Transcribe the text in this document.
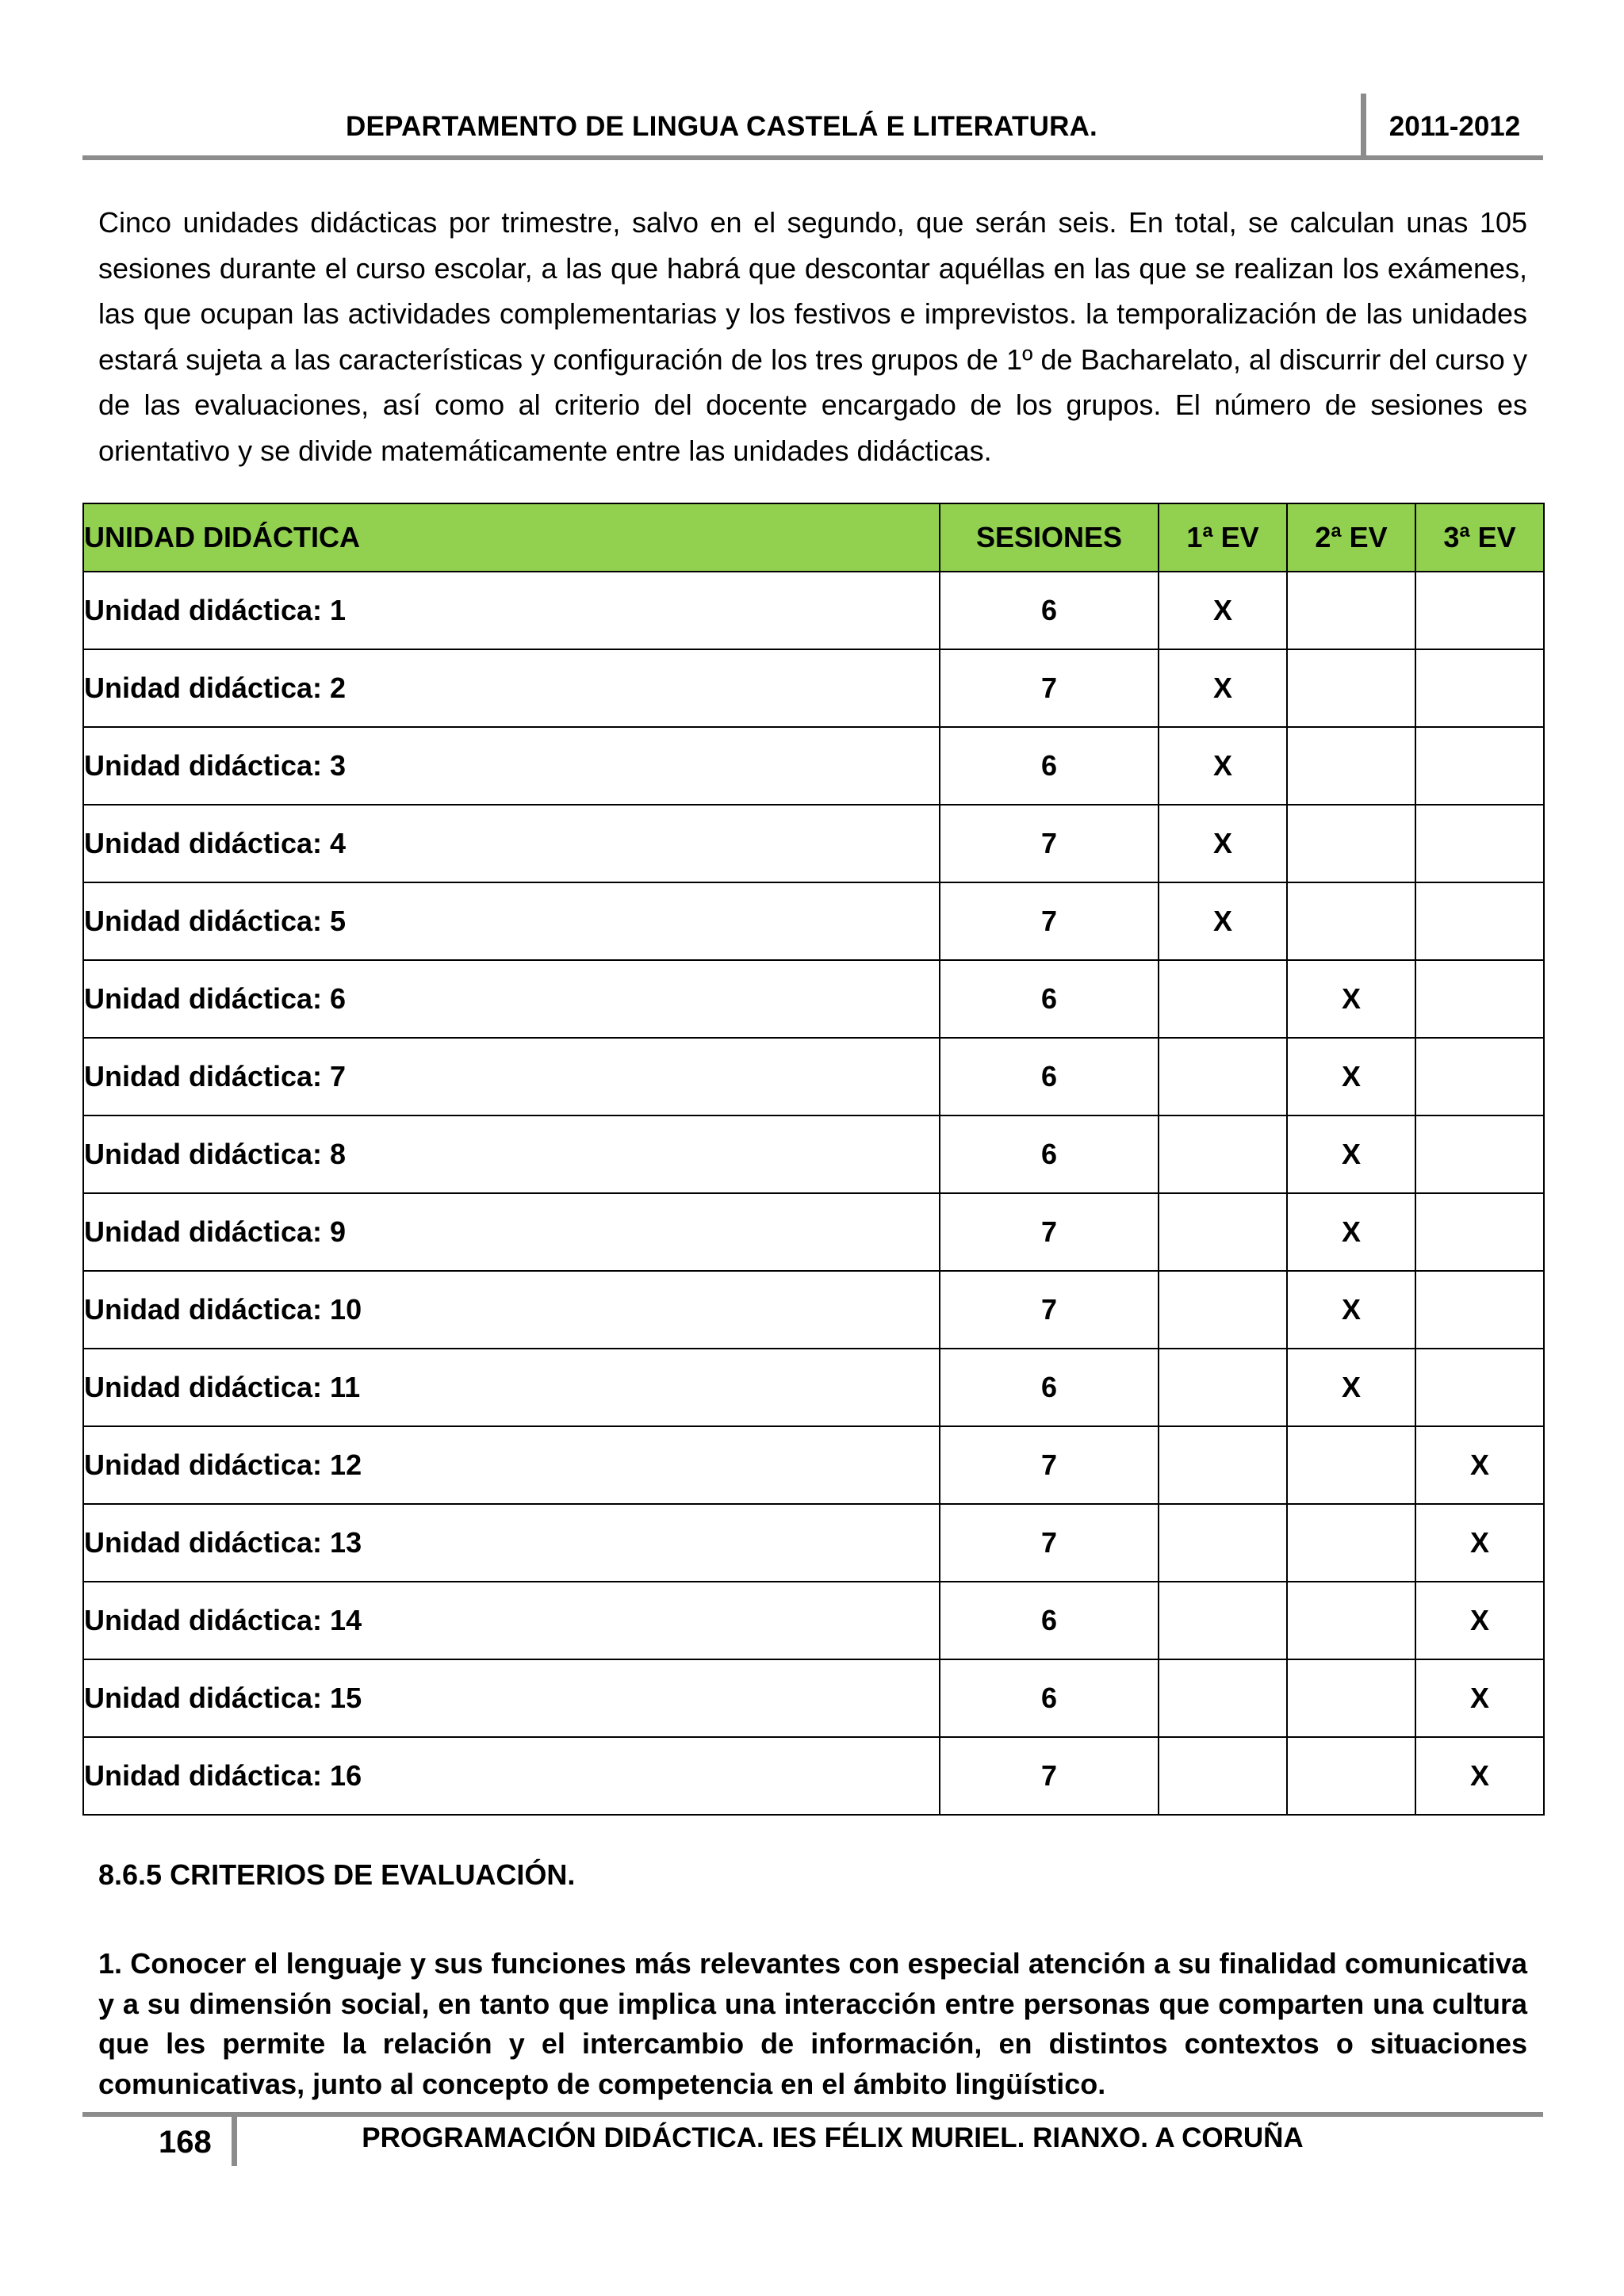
DEPARTAMENTO DE LINGUA CASTELÁ E LITERATURA.	2011-2012

Cinco unidades didácticas por trimestre, salvo en el segundo, que serán seis. En total, se calculan unas 105 sesiones durante el curso escolar, a las que habrá que descontar aquéllas en las que se realizan los exámenes, las que ocupan las actividades complementarias y los festivos e imprevistos. la temporalización de las unidades estará sujeta a las características y configuración de los tres grupos de 1º de Bacharelato, al discurrir del curso y de las evaluaciones, así como al criterio del docente encargado de los grupos. El número de sesiones es orientativo y se divide matemáticamente entre las unidades didácticas.

UNIDAD DIDÁCTICA	SESIONES	1ª EV	2ª EV	3ª EV
Unidad didáctica: 1	6	X		
Unidad didáctica: 2	7	X		
Unidad didáctica: 3	6	X		
Unidad didáctica: 4	7	X		
Unidad didáctica: 5	7	X		
Unidad didáctica: 6	6		X	
Unidad didáctica: 7	6		X	
Unidad didáctica: 8	6		X	
Unidad didáctica: 9	7		X	
Unidad didáctica: 10	7		X	
Unidad didáctica: 11	6		X	
Unidad didáctica: 12	7			X
Unidad didáctica: 13	7			X
Unidad didáctica: 14	6			X
Unidad didáctica: 15	6			X
Unidad didáctica: 16	7			X
8.6.5 CRITERIOS DE EVALUACIÓN.

1. Conocer el lenguaje y sus funciones más relevantes con especial atención a su finalidad comunicativa y a su dimensión social, en tanto que implica una interacción entre personas que comparten una cultura que les permite la relación y el intercambio de información, en distintos contextos o situaciones comunicativas, junto al concepto de competencia en el ámbito lingüístico.

168	PROGRAMACIÓN DIDÁCTICA. IES FÉLIX MURIEL. RIANXO. A CORUÑA
